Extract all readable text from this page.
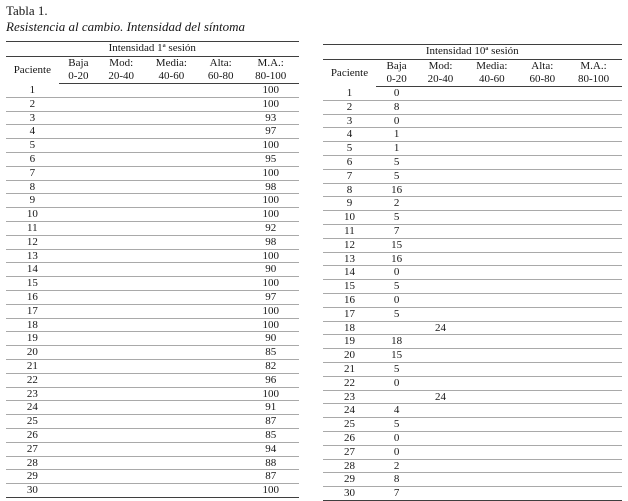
Tabla 1.
Resistencia al cambio. Intensidad del síntoma
Intensidad 1ª sesión					
Paciente	Baja	Mod:	Media:	Alta:	M.A.:
	0-20	20-40	40-60	60-80	80-100
1					100
2					100
3					93
4					97
5					100
6					95
7					100
8					98
9					100
10					100
11					92
12					98
13					100
14					90
15					100
16					97
17					100
18					100
19					90
20					85
21					82
22					96
23					100
24					91
25					87
26					85
27					94
28					88
29					87
30					100
Intensidad 10ª sesión					
Paciente	Baja	Mod:	Media:	Alta:	M.A.:
	0-20	20-40	40-60	60-80	80-100
1	0				
2	8				
3	0				
4	1				
5	1				
6	5				
7	5				
8	16				
9	2				
10	5				
11	7				
12	15				
13	16				
14	0				
15	5				
16	0				
17	5				
18		24			
19	18				
20	15				
21	5				
22	0				
23		24			
24	4				
25	5				
26	0				
27	0				
28	2				
29	8				
30	7				
